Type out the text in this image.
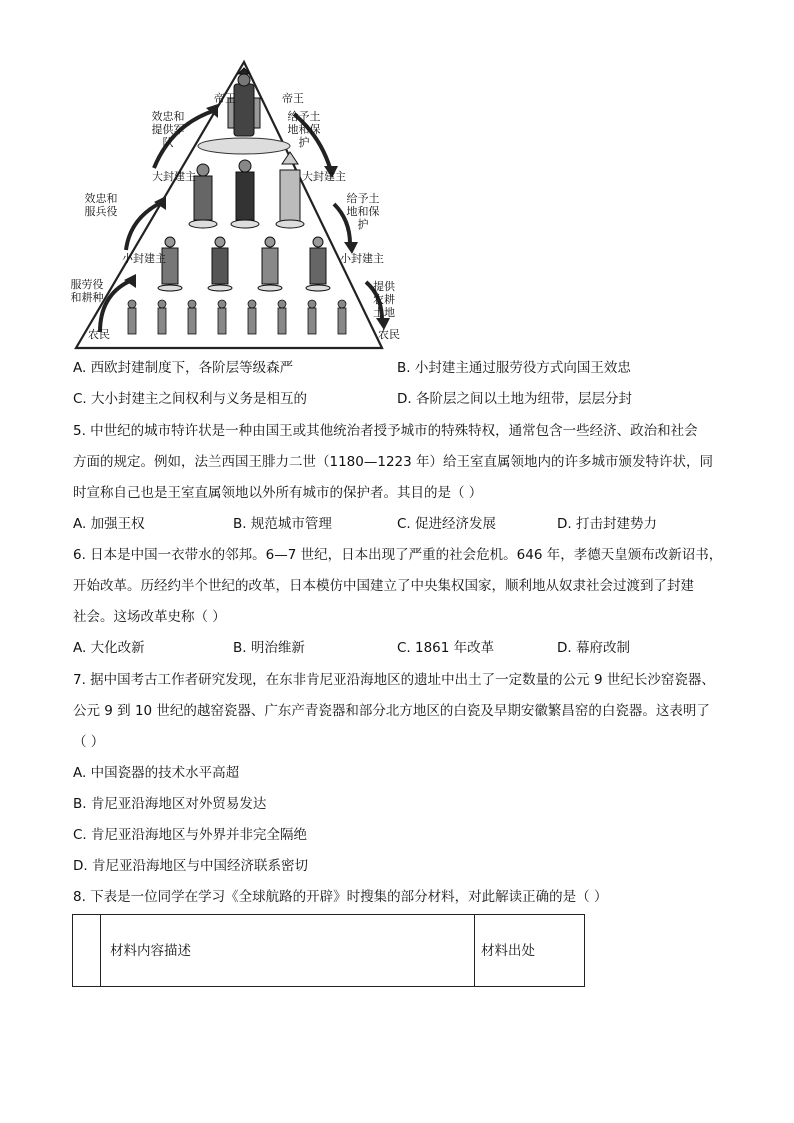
帝王	帝王
大封建主	大封建主
小封建主	小封建主
农民	农民
效忠和提供军队
效忠和服兵役
服劳役和耕种
给予土地和保护
给予土地和保护
提供农耕土地
A. 西欧封建制度下，各阶层等级森严	B. 小封建主通过服劳役方式向国王效忠
C. 大小封建主之间权利与义务是相互的	D. 各阶层之间以土地为纽带，层层分封
5. 中世纪的城市特许状是一种由国王或其他统治者授予城市的特殊特权，通常包含一些经济、政治和社会
方面的规定。例如，法兰西国王腓力二世（1180—1223 年）给王室直属领地内的许多城市颁发特许状，同
时宣称自己也是王室直属领地以外所有城市的保护者。其目的是（ ）
A. 加强王权	B. 规范城市管理	C. 促进经济发展	D. 打击封建势力
6. 日本是中国一衣带水的邻邦。6—7 世纪，日本出现了严重的社会危机。646 年，孝德天皇颁布改新诏书，
开始改革。历经约半个世纪的改革，日本模仿中国建立了中央集权国家，顺利地从奴隶社会过渡到了封建
社会。这场改革史称（ ）
A. 大化改新	B. 明治维新	C. 1861 年改革	D. 幕府改制
7. 据中国考古工作者研究发现，在东非肯尼亚沿海地区的遗址中出土了一定数量的公元 9 世纪长沙窑瓷器、
公元 9 到 10 世纪的越窑瓷器、广东产青瓷器和部分北方地区的白瓷及早期安徽繁昌窑的白瓷器。这表明了
（ ）
A. 中国瓷器的技术水平高超
B. 肯尼亚沿海地区对外贸易发达
C. 肯尼亚沿海地区与外界并非完全隔绝
D. 肯尼亚沿海地区与中国经济联系密切
8. 下表是一位同学在学习《全球航路的开辟》时搜集的部分材料，对此解读正确的是（ ）
材料内容描述	材料出处
